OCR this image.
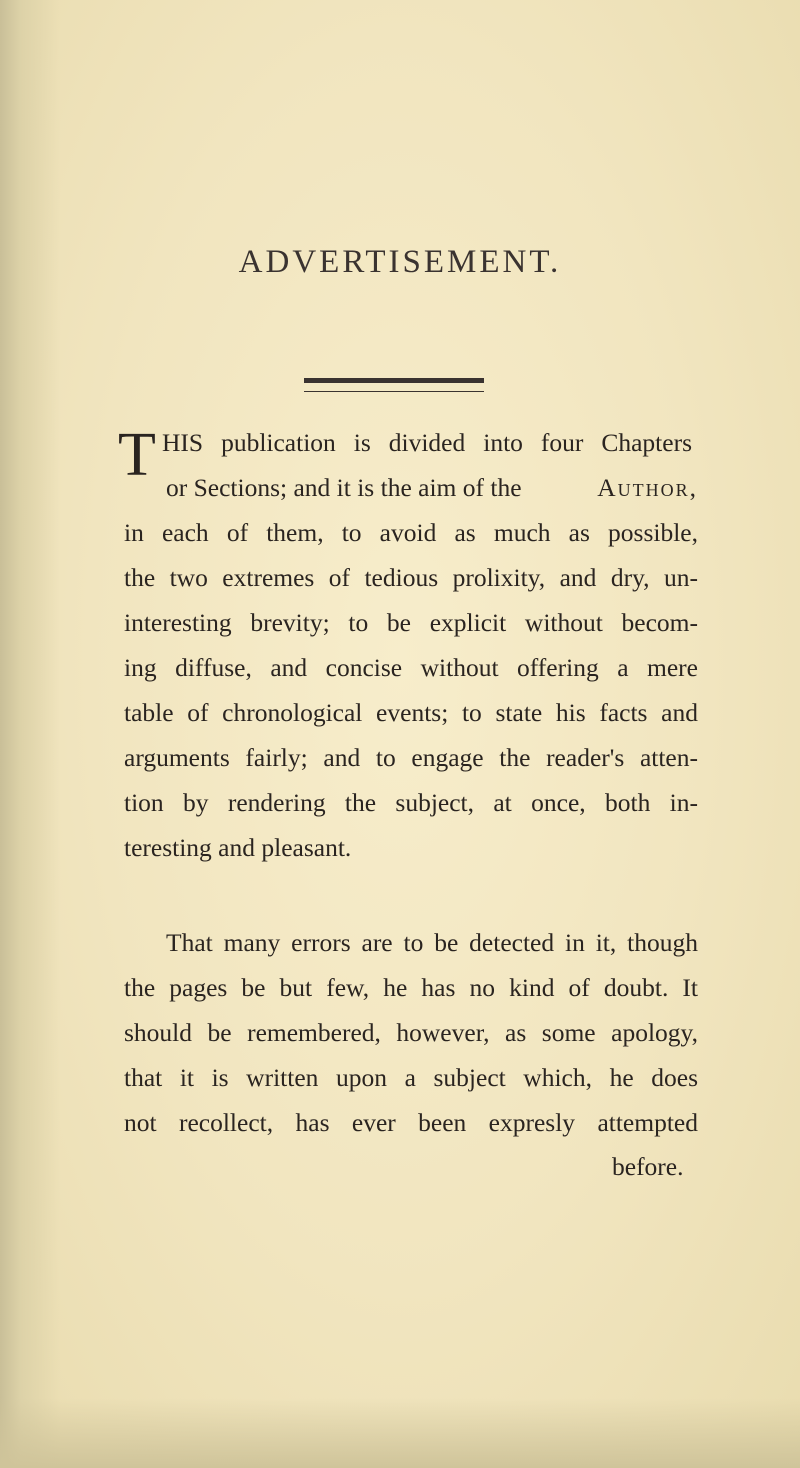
ADVERTISEMENT.
T HIS publication is divided into four Chapters
or Sections; and it is the aim of the	Author,
in each of them, to avoid as much as possible,
the two extremes of tedious prolixity, and dry, un-
interesting brevity; to be explicit without becom-
ing diffuse, and concise without offering a mere
table of chronological events; to state his facts and
arguments fairly; and to engage the reader's atten-
tion by rendering the subject, at once, both in-
teresting and pleasant.
That many errors are to be detected in it, though
the pages be but few, he has no kind of doubt. It
should be remembered, however, as some apology,
that it is written upon a subject which, he does
not recollect, has ever been expresly attempted
before.
